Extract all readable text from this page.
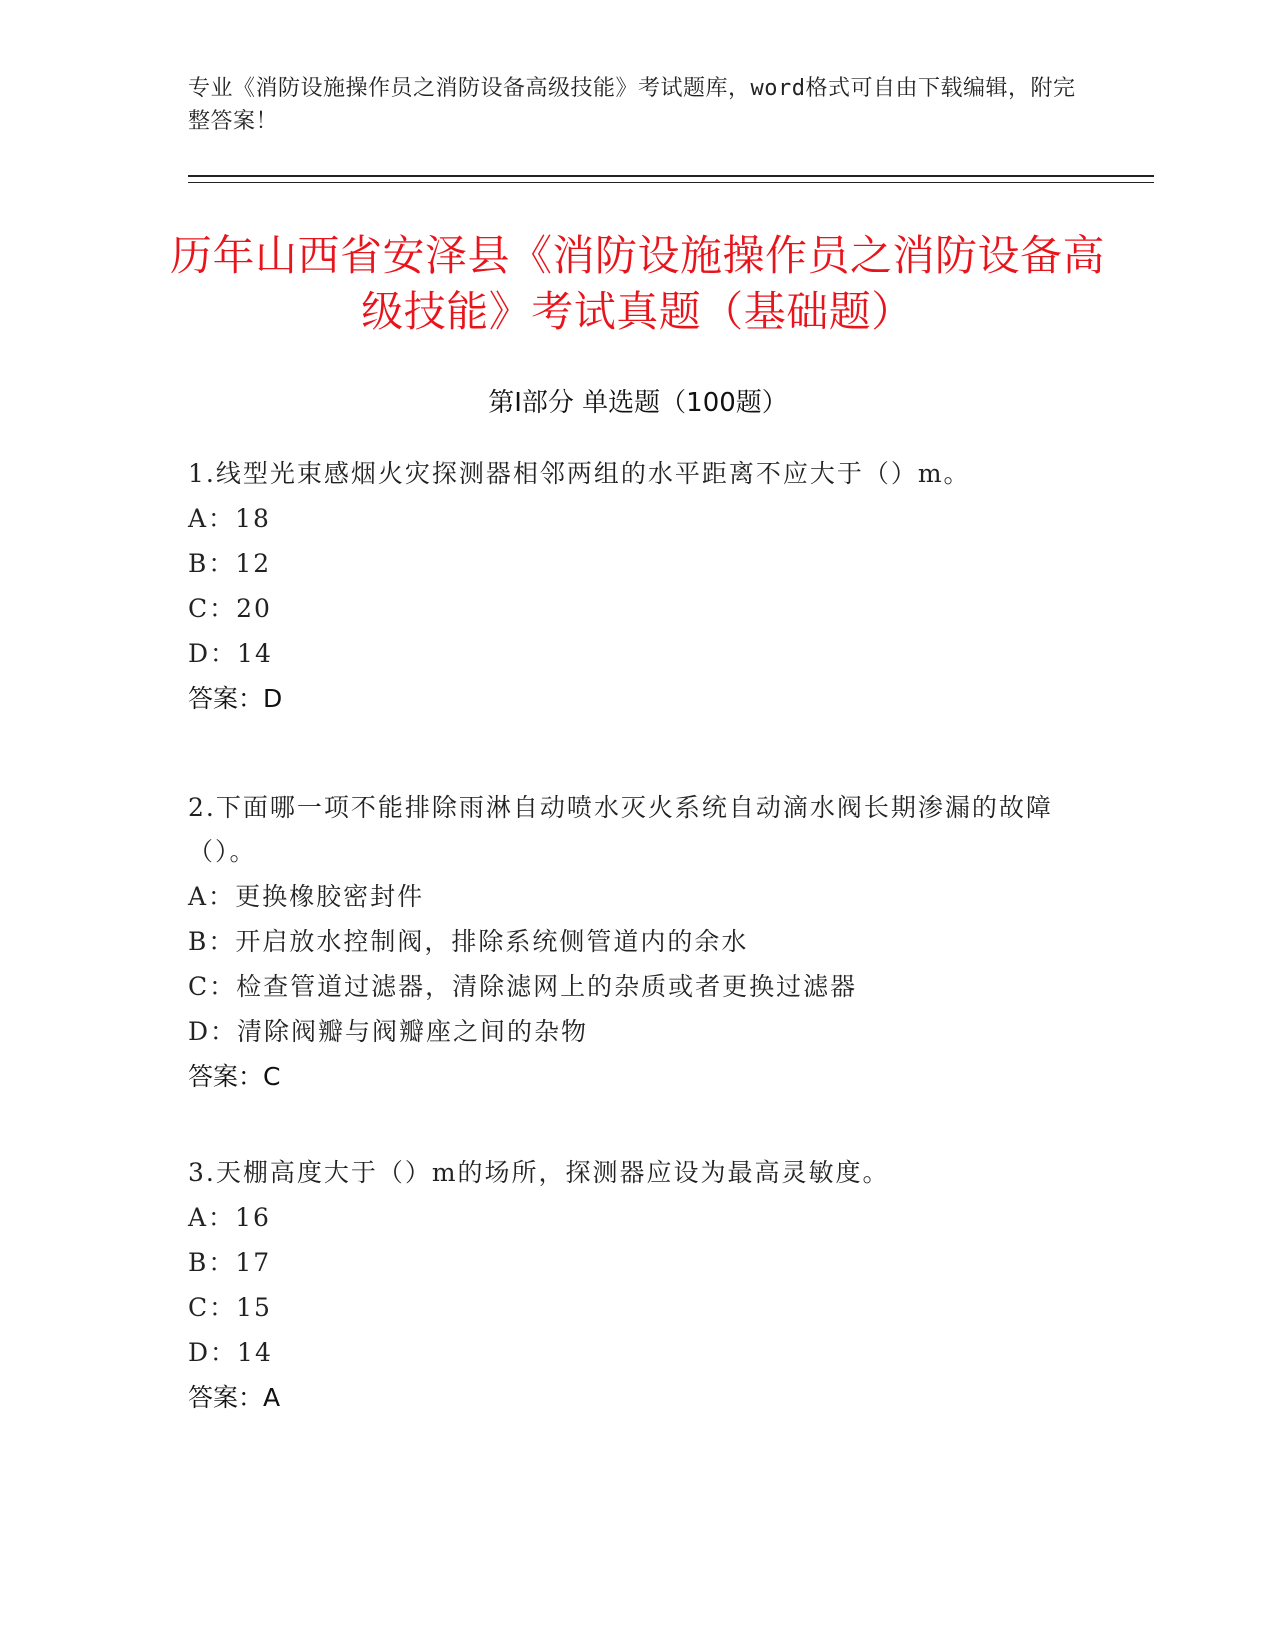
专业《消防设施操作员之消防设备高级技能》考试题库，word格式可自由下载编辑，附完整答案！
历年山西省安泽县《消防设施操作员之消防设备高级技能》考试真题（基础题）
第Ⅰ部分 单选题（100题）
1.线型光束感烟火灾探测器相邻两组的水平距离不应大于（）m。
A：18
B：12
C：20
D：14
答案：D
2.下面哪一项不能排除雨淋自动喷水灭火系统自动滴水阀长期渗漏的故障（）。
A：更换橡胶密封件
B：开启放水控制阀，排除系统侧管道内的余水
C：检查管道过滤器，清除滤网上的杂质或者更换过滤器
D：清除阀瓣与阀瓣座之间的杂物
答案：C
3.天棚高度大于（）m的场所，探测器应设为最高灵敏度。
A：16
B：17
C：15
D：14
答案：A
